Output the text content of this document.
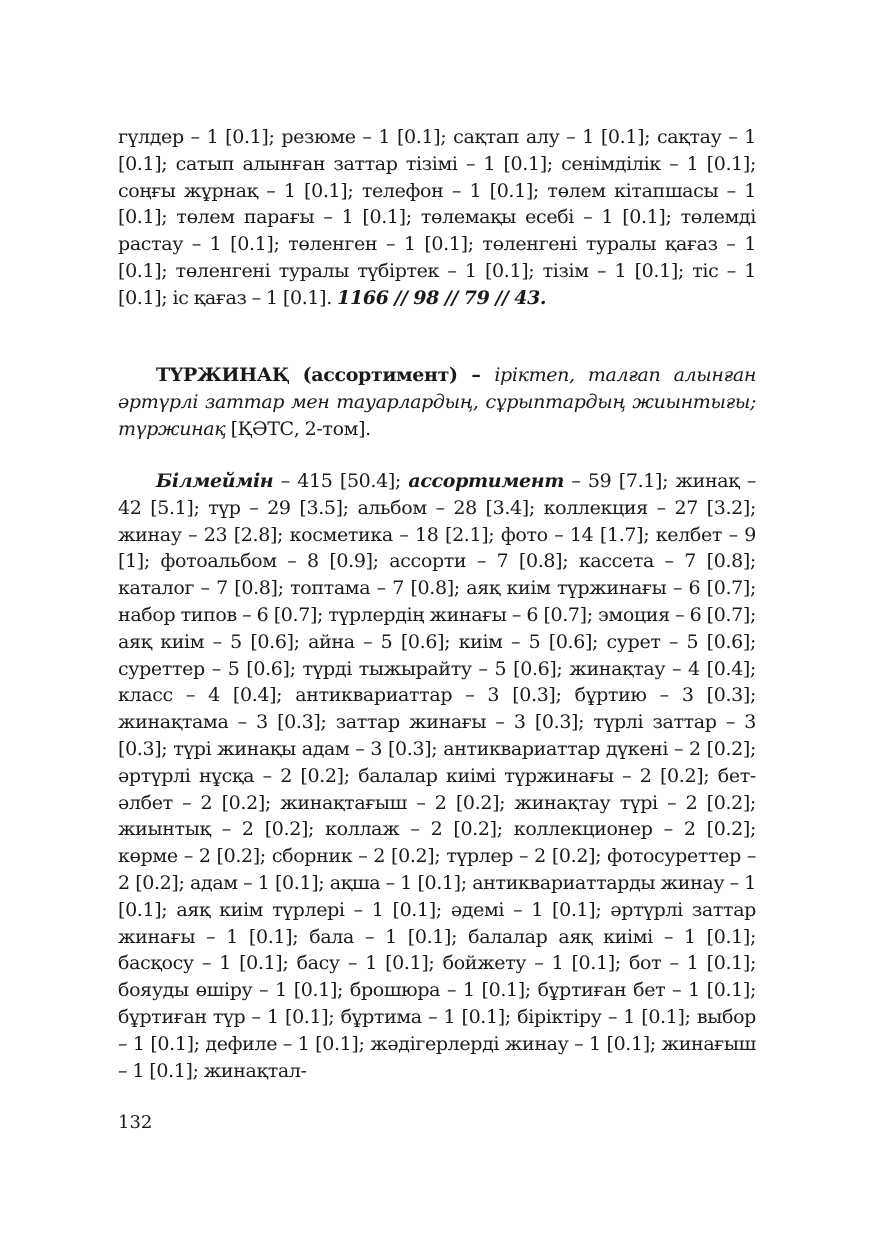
гүлдер – 1 [0.1]; резюме – 1 [0.1]; сақтап алу – 1 [0.1]; сақтау – 1 [0.1]; сатып алынған заттар тізімі – 1 [0.1]; сенімділік – 1 [0.1]; соңғы жұрнақ – 1 [0.1]; телефон – 1 [0.1]; төлем кітапшасы – 1 [0.1]; төлем парағы – 1 [0.1]; төлемақы есебі – 1 [0.1]; төлемді растау – 1 [0.1]; төленген – 1 [0.1]; төленгені туралы қағаз – 1 [0.1]; төленгені туралы түбіртек – 1 [0.1]; тізім – 1 [0.1]; тіс – 1 [0.1]; іс қағаз – 1 [0.1]. 1166 // 98 // 79 // 43.

ТҮРЖИНАҚ (ассортимент) – іріктеп, талғап алынған әртүрлі заттар мен тауарлардың, сұрыптардың жиынтығы; түржинақ [ҚӘТС, 2-том].

Білмеймін – 415 [50.4]; ассортимент – 59 [7.1]; жинақ – 42 [5.1]; түр – 29 [3.5]; альбом – 28 [3.4]; коллекция – 27 [3.2]; жинау – 23 [2.8]; косметика – 18 [2.1]; фото – 14 [1.7]; келбет – 9 [1]; фотоальбом – 8 [0.9]; ассорти – 7 [0.8]; кассета – 7 [0.8]; каталог – 7 [0.8]; топтама – 7 [0.8]; аяқ киім түржинағы – 6 [0.7]; набор типов – 6 [0.7]; түрлердің жинағы – 6 [0.7]; эмоция – 6 [0.7]; аяқ киім – 5 [0.6]; айна – 5 [0.6]; киім – 5 [0.6]; сурет – 5 [0.6]; суреттер – 5 [0.6]; түрді тыжырайту – 5 [0.6]; жинақтау – 4 [0.4]; класс – 4 [0.4]; антиквариаттар – 3 [0.3]; бұртию – 3 [0.3]; жинақтама – 3 [0.3]; заттар жинағы – 3 [0.3]; түрлі заттар – 3 [0.3]; түрі жинақы адам – 3 [0.3]; антиквариаттар дүкені – 2 [0.2]; әртүрлі нұсқа – 2 [0.2]; балалар киімі түржинағы – 2 [0.2]; бет-әлбет – 2 [0.2]; жинақтағыш – 2 [0.2]; жинақтау түрі – 2 [0.2]; жиынтық – 2 [0.2]; коллаж – 2 [0.2]; коллекционер – 2 [0.2]; көрме – 2 [0.2]; сборник – 2 [0.2]; түрлер – 2 [0.2]; фотосуреттер – 2 [0.2]; адам – 1 [0.1]; ақша – 1 [0.1]; антиквариаттарды жинау – 1 [0.1]; аяқ киім түрлері – 1 [0.1]; әдемі – 1 [0.1]; әртүрлі заттар жинағы – 1 [0.1]; бала – 1 [0.1]; балалар аяқ киімі – 1 [0.1]; басқосу – 1 [0.1]; басу – 1 [0.1]; бойжету – 1 [0.1]; бот – 1 [0.1]; бояуды өшіру – 1 [0.1]; брошюра – 1 [0.1]; бұртиған бет – 1 [0.1]; бұртиған түр – 1 [0.1]; бұртима – 1 [0.1]; біріктіру – 1 [0.1]; выбор – 1 [0.1]; дефиле – 1 [0.1]; жәдігерлерді жинау – 1 [0.1]; жинағыш – 1 [0.1]; жинақтал-

132
